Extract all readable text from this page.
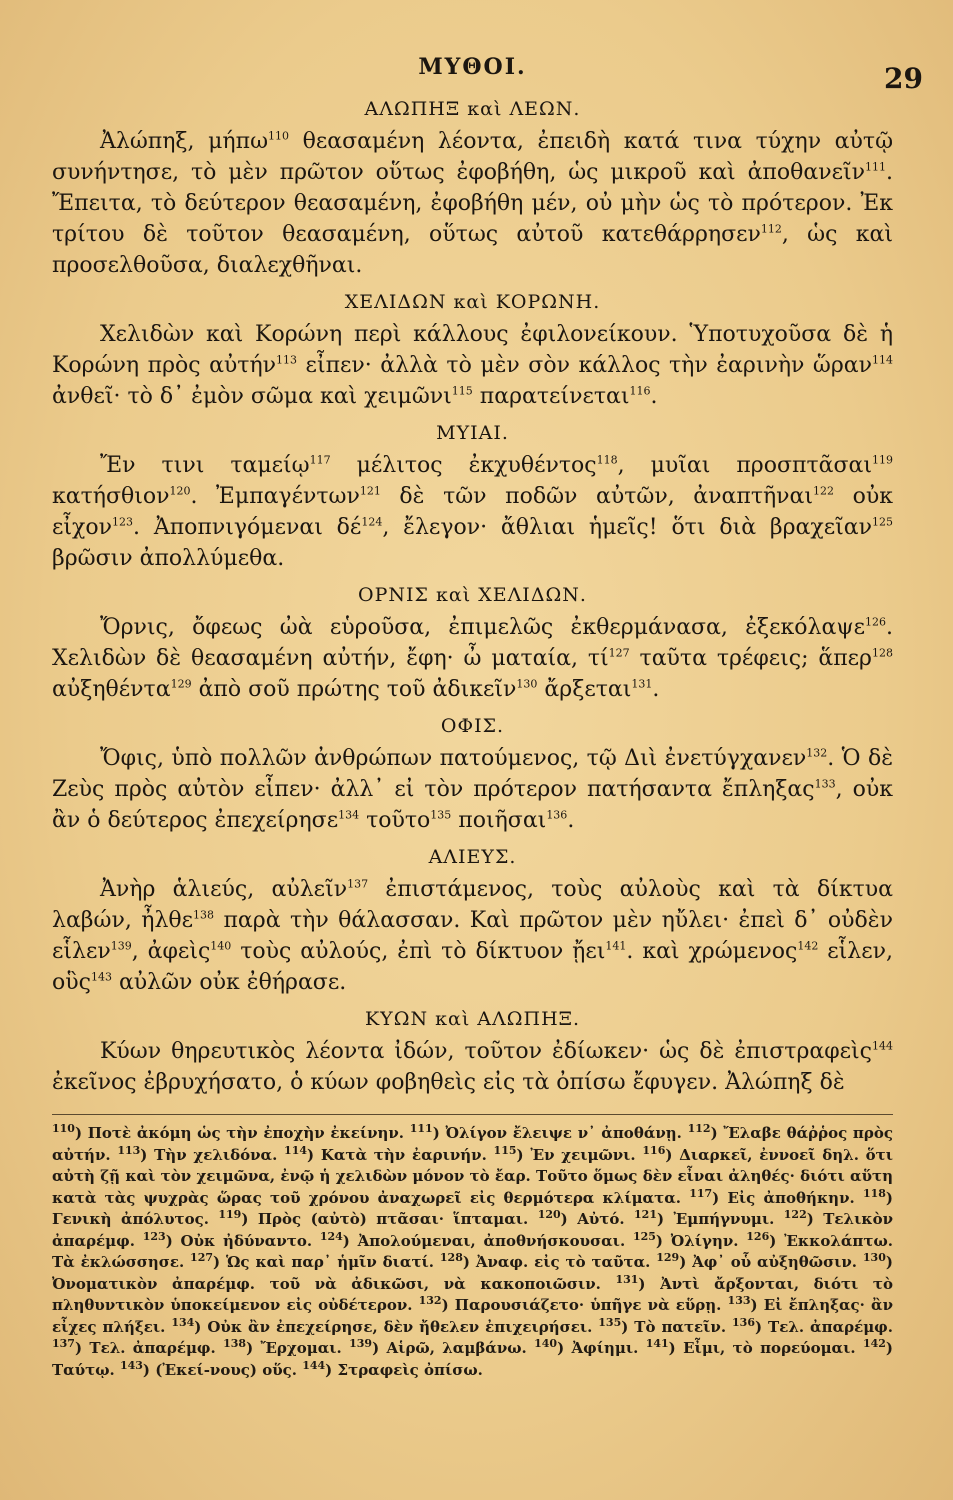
ΜΥΘΟΙ.	29
ΑΛΩΠΗΞ καὶ ΛΕΩΝ.

Ἀλώπηξ, μήπω$^{110}$ θεασαμένη λέοντα, ἐπειδὴ κατά τινα τύχην αὐτῷ συνήντησε, τὸ μὲν πρῶτον οὕτως ἐφοβήθη, ὡς μικροῦ καὶ ἀποθανεῖν$^{111}$. Ἔπειτα, τὸ δεύτερον θεασαμένη, ἐφοβήθη μέν, οὐ μὴν ὡς τὸ πρότερον. Ἐκ τρίτου δὲ τοῦτον θεασαμένη, οὕτως αὐτοῦ κατεθάρρησεν$^{112}$, ὡς καὶ προσελθοῦσα, διαλεχθῆναι.

ΧΕΛΙΔΩΝ καὶ ΚΟΡΩΝΗ.

Χελιδὼν καὶ Κορώνη περὶ κάλλους ἐφιλονείκουν. Ὑποτυχοῦσα δὲ ἡ Κορώνη πρὸς αὐτήν$^{113}$ εἶπεν· ἀλλὰ τὸ μὲν σὸν κάλλος τὴν ἐαρινὴν ὥραν$^{114}$ ἀνθεῖ· τὸ δ᾽ ἐμὸν σῶμα καὶ χειμῶνι$^{115}$ παρατείνεται$^{116}$.

ΜΥΙΑΙ.

Ἔν τινι ταμείῳ$^{117}$ μέλιτος ἐκχυθέντος$^{118}$, μυῖαι προσπτᾶσαι$^{119}$ κατήσθιον$^{120}$. Ἐμπαγέντων$^{121}$ δὲ τῶν ποδῶν αὐτῶν, ἀναπτῆναι$^{122}$ οὐκ εἶχον$^{123}$. Ἀποπνιγόμεναι $\delta έ^{124}$, ἔλεγον· ἄθλιαι ἡμεῖς! ὅτι διὰ βραχεῖαν$^{125}$ βρῶσιν ἀπολλύμεθα.

ΟΡΝΙΣ καὶ ΧΕΛΙΔΩΝ.

Ὄρνις, ὄφεως ὠὰ εὑροῦσα, ἐπιμελῶς ἐκθερμάνασα, ἐξεκόλαψε$^{126}$. Χελιδὼν δὲ θεασαμένη αὐτήν, ἔφη· ὦ ματαία, $\tau ί^{127}$ ταῦτα τρέφεις; ἅπερ$^{128}$ αὐξηθέντα$^{129}$ ἀπὸ σοῦ πρώτης τοῦ ἀδικεῖν$^{130}$ ἄρξεται$^{131}$.

ΟΦΙΣ.

Ὄφις, ὑπὸ πολλῶν ἀνθρώπων πατούμενος, τῷ Διὶ ἐνετύγχανεν$^{132}$. Ὁ δὲ Ζεὺς πρὸς αὐτὸν εἶπεν· ἀλλ᾽ εἰ τὸν πρότερον πατήσαντα ἔπληξας$^{133}$, οὐκ ἂν ὁ δεύτερος ἐπεχείρησε$^{134}$ τοῦτο$^{135}$ ποιῆσαι$^{136}$.

ΑΛΙΕΥΣ.

Ἀνὴρ ἁλιεύς, αὐλεῖν$^{137}$ ἐπιστάμενος, τοὺς αὐλοὺς καὶ τὰ δίκτυα λαβών, ἦλθε$^{138}$ παρὰ τὴν θάλασσαν. Καὶ πρῶτον μὲν ηὔλει· ἐπεὶ δ᾽ οὐδὲν εἷλεν$^{139}$, ἀφεὶς$^{140}$ τοὺς αὐλούς, ἐπὶ τὸ δίκτυον ᾔει$^{141}$. καὶ χρώμενος$^{142}$ εἷλεν, οὓς$^{143}$ αὐλῶν οὐκ ἐθήρασε.

ΚΥΩΝ καὶ ΑΛΩΠΗΞ.

Κύων θηρευτικὸς λέοντα ἰδών, τοῦτον ἐδίωκεν· ὡς δὲ ἐπιστραφεὶς$^{144}$ ἐκεῖνος ἐβρυχήσατο, ὁ κύων φοβηθεὶς εἰς τὰ ὀπίσω ἔφυγεν. Ἀλώπηξ δὲ

$^{110}$) Ποτὲ ἀκόμη ὡς τὴν ἐποχὴν ἐκείνην. $^{111}$) Ὀλίγον ἔλειψε ν᾽ ἀποθάνῃ. $^{112}$) Ἔλαβε θάῤῥος πρὸς αὐτήν. $^{113}$) Τὴν χελιδόνα. $^{114}$) Κατὰ τὴν ἐαρινήν. $^{115}$) Ἐν χειμῶνι. $^{116}$) Διαρκεῖ, ἐννοεῖ δηλ. ὅτι αὐτὴ ζῇ καὶ τὸν χειμῶνα, ἐνῷ ἡ χελιδὼν μόνον τὸ ἔαρ. Τοῦτο ὅμως δὲν εἶναι ἀληθές· διότι αὕτη κατὰ τὰς ψυχρὰς ὥρας τοῦ χρόνου ἀναχωρεῖ εἰς θερμότερα κλίματα. $^{117}$) Εἰς ἀποθήκην. $^{118}$) Γενικὴ ἀπόλυτος. $^{119}$) Πρὸς (αὐτὸ) πτᾶσαι· ἵπταμαι. $^{120}$) Αὐτό. $^{121}$) Ἐμπήγνυμι. $^{122}$) Τελικὸν ἀπαρέμφ. $^{123}$) Οὐκ ἠδύναντο. $^{124}$) Ἀπολούμεναι, ἀποθνήσκουσαι. $^{125}$) Ὀλίγην. $^{126}$) Ἐκκολάπτω. Τὰ ἐκλώσσησε. $^{127}$) Ὡς καὶ παρ᾽ ἡμῖν διατί. $^{128}$) Ἀναφ. εἰς τὸ ταῦτα. $^{129}$) Ἀφ᾽ οὗ αὐξηθῶσιν. $^{130}$) Ὀνοματικὸν ἀπαρέμφ. τοῦ νὰ ἀδικῶσι, νὰ κακοποιῶσιν. $^{131}$) Ἀντὶ ἄρξονται, διότι τὸ πληθυντικὸν ὑποκείμενον εἰς οὐδέτερον. $^{132}$) Παρουσιάζετο· ὑπῆγε νὰ εὕρῃ. $^{133}$) Εἰ ἔπληξας· ἂν εἶχες πλήξει. $^{134}$) Οὐκ ἂν ἐπεχείρησε, δὲν ἤθελεν ἐπιχειρήσει. $^{135}$) Τὸ πατεῖν. $^{136}$) Τελ. ἀπαρέμφ. $^{137}$) Τελ. ἀπαρέμφ. $^{138}$) Ἔρχομαι. $^{139}$) Αἱρῶ, λαμβάνω. $^{140}$) Ἀφίημι. $^{141}$) Εἶμι, τὸ πορεύομαι. $^{142}$) Ταύτῳ. $^{143}$) (Ἐκεί-νους) οὕς. $^{144}$) Στραφεὶς ὀπίσω.
